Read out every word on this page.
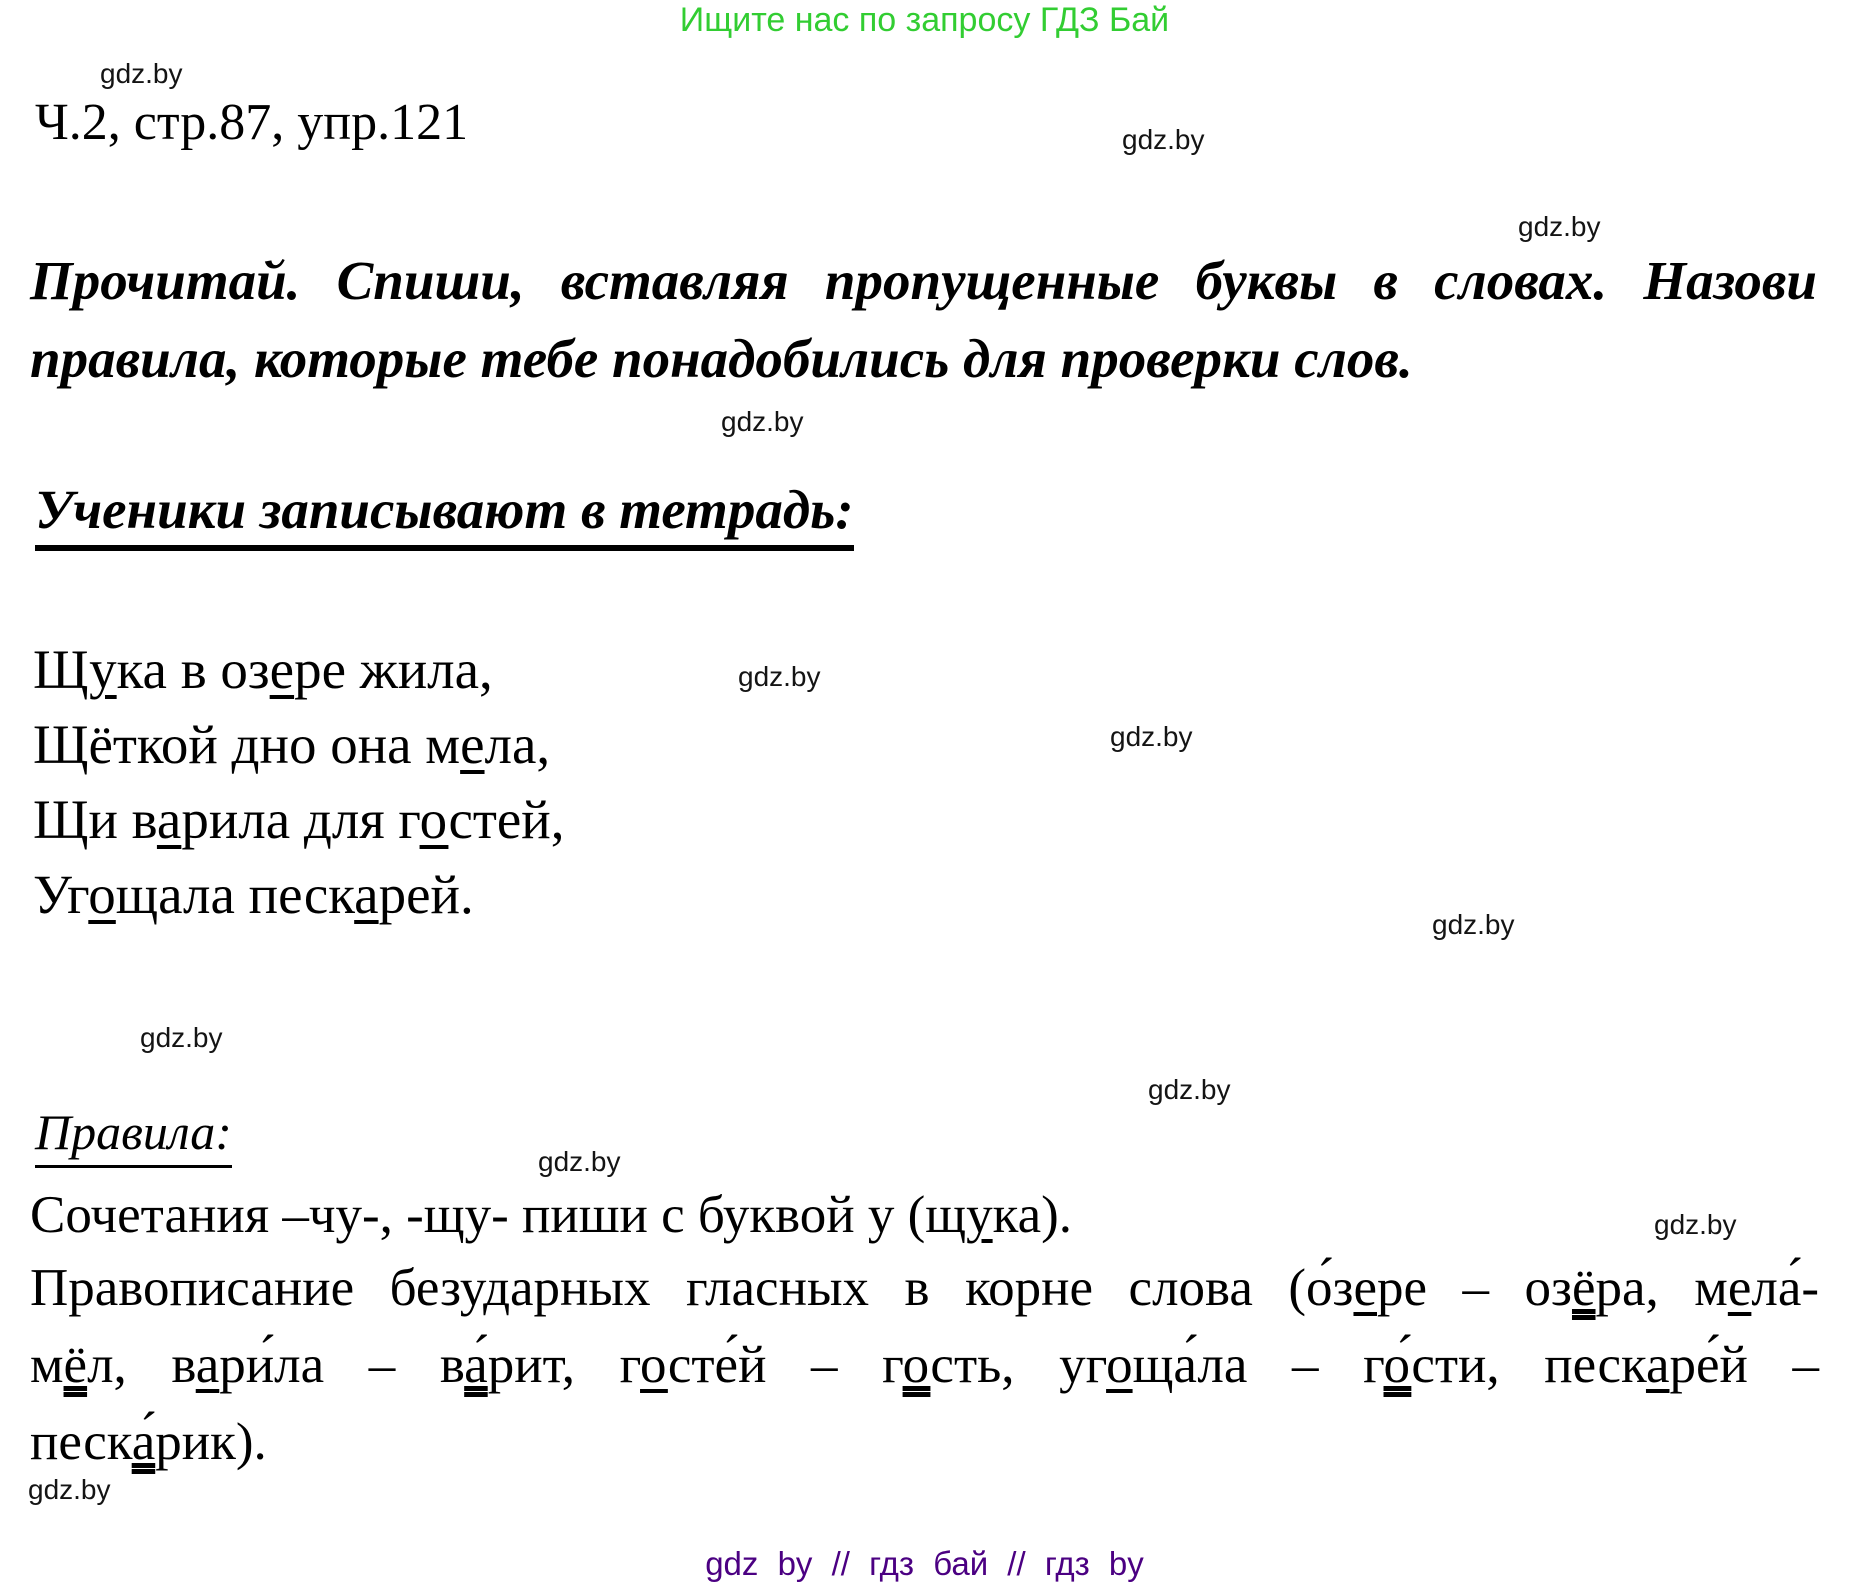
Ищите нас по запросу ГДЗ Бай
Ч.2, стр.87, упр.121
Прочитай. Спиши, вставляя пропущенные буквы в словах. Назови
правила, которые тебе понадобились для проверки слов.
Ученики записывают в тетрадь:
Щука в озере жила,
Щёткой дно она мела,
Щи варила для гостей,
Угощала пескарей.
Правила:
Сочетания –чу-, -щу- пиши с буквой у (щука).
Правописание безударных гласных в корне слова (о́зере – озёра, мела́-
мёл, вари́ла – ва́рит, госте́й – гость, угоща́ла – го́сти, пескаре́й –
песка́рик).
gdz.by
gdz.by
gdz.by
gdz.by
gdz.by
gdz.by
gdz.by
gdz.by
gdz.by
gdz.by
gdz.by
gdz.by
gdz by // гдз бай // гдз by
